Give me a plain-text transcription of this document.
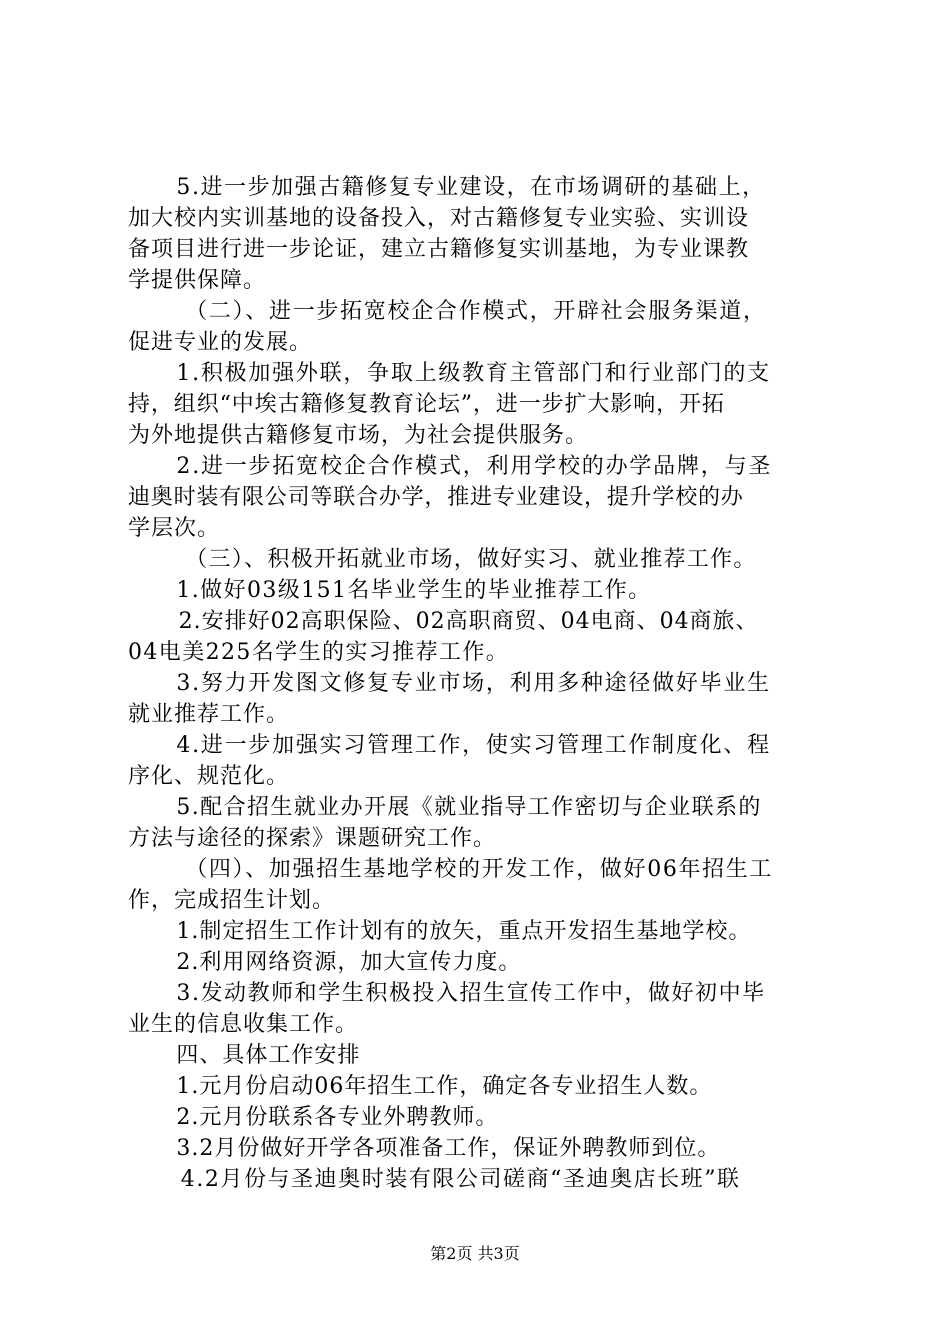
5.进一步加强古籍修复专业建设，在市场调研的基础上，
加大校内实训基地的设备投入，对古籍修复专业实验、实训设
备项目进行进一步论证，建立古籍修复实训基地，为专业课教
学提供保障。
（二）、进一步拓宽校企合作模式，开辟社会服务渠道，
促进专业的发展。
1.积极加强外联，争取上级教育主管部门和行业部门的支
持，组织“中埃古籍修复教育论坛”，进一步扩大影响，开拓
为外地提供古籍修复市场，为社会提供服务。
2.进一步拓宽校企合作模式，利用学校的办学品牌，与圣
迪奥时装有限公司等联合办学，推进专业建设，提升学校的办
学层次。
（三）、积极开拓就业市场，做好实习、就业推荐工作。
1.做好03级151名毕业学生的毕业推荐工作。
2.安排好02高职保险、02高职商贸、04电商、04商旅、
04电美225名学生的实习推荐工作。
3.努力开发图文修复专业市场，利用多种途径做好毕业生
就业推荐工作。
4.进一步加强实习管理工作，使实习管理工作制度化、程
序化、规范化。
5.配合招生就业办开展《就业指导工作密切与企业联系的
方法与途径的探索》课题研究工作。
（四）、加强招生基地学校的开发工作，做好06年招生工
作，完成招生计划。
1.制定招生工作计划有的放矢，重点开发招生基地学校。
2.利用网络资源，加大宣传力度。
3.发动教师和学生积极投入招生宣传工作中，做好初中毕
业生的信息收集工作。
四、具体工作安排
1.元月份启动06年招生工作，确定各专业招生人数。
2.元月份联系各专业外聘教师。
3.2月份做好开学各项准备工作，保证外聘教师到位。
4.2月份与圣迪奥时装有限公司磋商“圣迪奥店长班”联
第2页 共3页
